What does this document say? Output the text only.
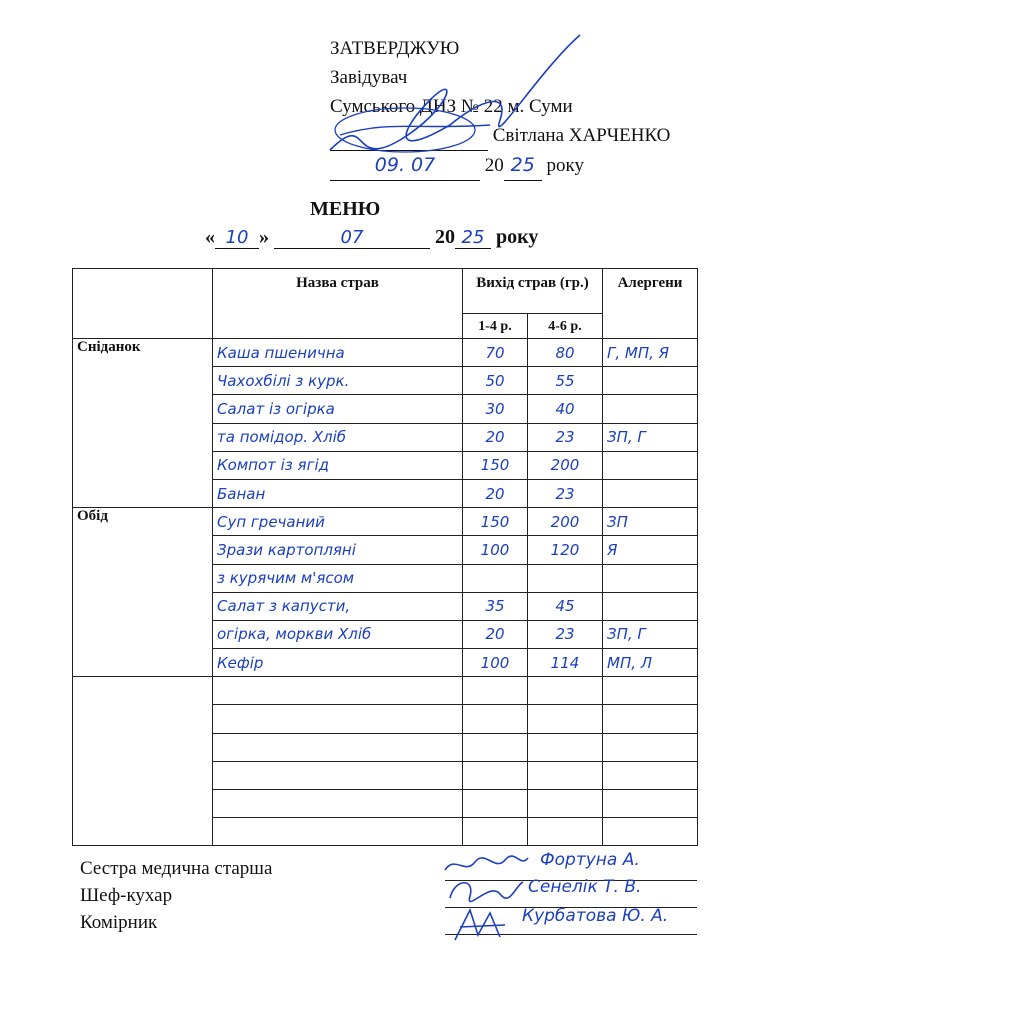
ЗАТВЕРДЖУЮ
Завідувач
Сумського ДНЗ № 22 м. Суми
Світлана ХАРЧЕНКО
09. 07	20 25 року
МЕНЮ
« 10 »	07	20 25 року
	Назва страв	Вихід страв (гр.)		Алергени
		1-4 р.	4-6 р.	
Сніданок	Каша пшенична	70	80	Г, МП, Я
	Чахохбілі з курк.	50	55	
	Салат із огірка	30	40	
	та помідор. Хліб	20	23	ЗП, Г
	Компот із ягід	150	200	
	Банан	20	23	
Обід	Суп гречаний	150	200	ЗП
	Зрази картопляні	100	120	Я
	з курячим м'ясом			
	Салат з капусти,	35	45	
	огірка, моркви Хліб	20	23	ЗП, Г
	Кефір	100	114	МП, Л

Сестра медична старша
Шеф-кухар
Комірник
Фортуна А.
Сенелік Т. В.
Курбатова Ю. А.
